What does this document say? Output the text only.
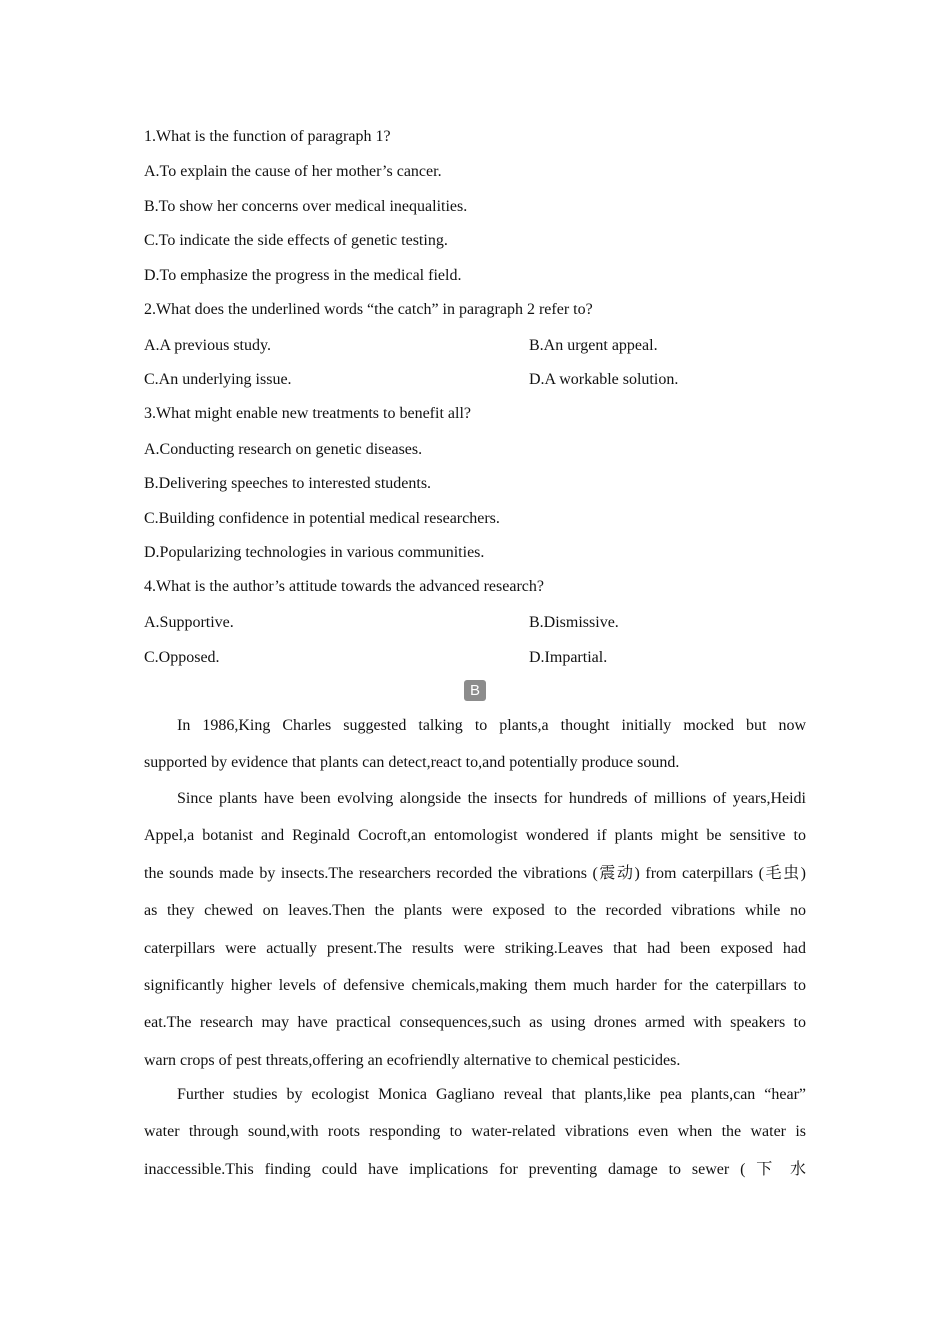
1.What is the function of paragraph 1?
A.To explain the cause of her mother’s cancer.
B.To show her concerns over medical inequalities.
C.To indicate the side effects of genetic testing.
D.To emphasize the progress in the medical field.
2.What does the underlined words “the catch” in paragraph 2 refer to?
A.A previous study.	B.An urgent appeal.
C.An underlying issue.	D.A workable solution.
3.What might enable new treatments to benefit all?
A.Conducting research on genetic diseases.
B.Delivering speeches to interested students.
C.Building confidence in potential medical researchers.
D.Popularizing technologies in various communities.
4.What is the author’s attitude towards the advanced research?
A.Supportive.	B.Dismissive.
C.Opposed.	D.Impartial.
B
In 1986,King Charles suggested talking to plants,a thought initially mocked but now
supported by evidence that plants can detect,react to,and potentially produce sound.
Since plants have been evolving alongside the insects for hundreds of millions of years,Heidi
Appel,a botanist and Reginald Cocroft,an entomologist wondered if plants might be sensitive to
the sounds made by insects.The researchers recorded the vibrations (震动) from caterpillars (毛虫)
as they chewed on leaves.Then the plants were exposed to the recorded vibrations while no
caterpillars were actually present.The results were striking.Leaves that had been exposed had
significantly higher levels of defensive chemicals,making them much harder for the caterpillars to
eat.The research may have practical consequences,such as using drones armed with speakers to
warn crops of pest threats,offering an ecofriendly alternative to chemical pesticides.
Further studies by ecologist Monica Gagliano reveal that plants,like pea plants,can “hear”
water through sound,with roots responding to water-related vibrations even when the water is
inaccessible.This finding could have implications for preventing damage to sewer ( 下 水
